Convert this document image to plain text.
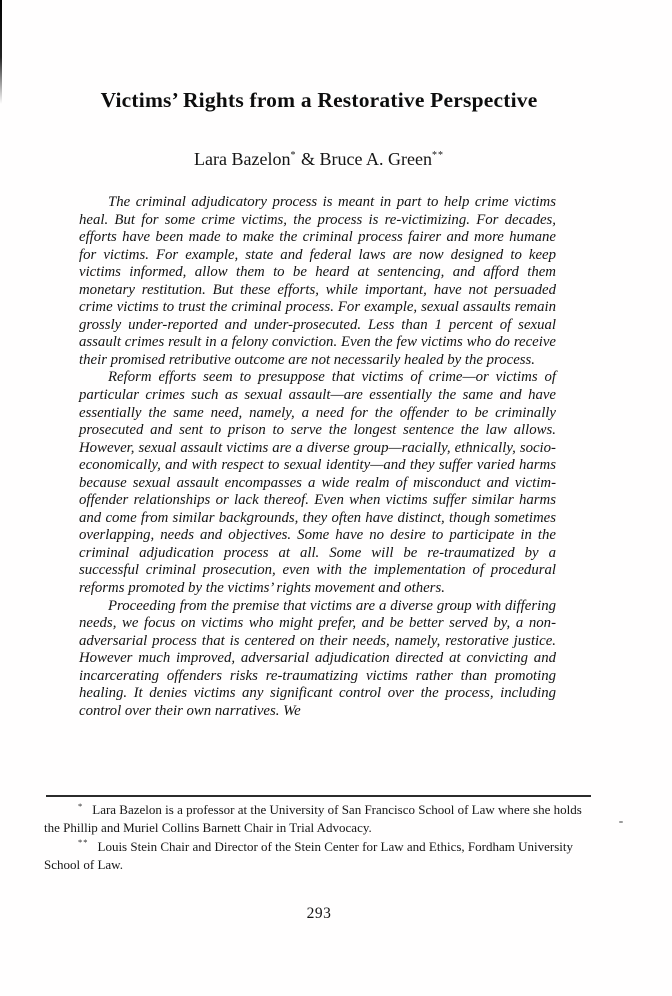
Victims’ Rights from a Restorative Perspective
Lara Bazelon* & Bruce A. Green**

The criminal adjudicatory process is meant in part to help crime victims heal. But for some crime victims, the process is re-victimizing. For decades, efforts have been made to make the criminal process fairer and more humane for victims. For example, state and federal laws are now designed to keep victims informed, allow them to be heard at sentencing, and afford them monetary restitution. But these efforts, while important, have not persuaded crime victims to trust the criminal process. For example, sexual assaults remain grossly under-reported and under-prosecuted. Less than 1 percent of sexual assault crimes result in a felony conviction. Even the few victims who do receive their promised retributive outcome are not necessarily healed by the process.

Reform efforts seem to presuppose that victims of crime—or victims of particular crimes such as sexual assault—are essentially the same and have essentially the same need, namely, a need for the offender to be criminally prosecuted and sent to prison to serve the longest sentence the law allows. However, sexual assault victims are a diverse group—racially, ethnically, socio-economically, and with respect to sexual identity—and they suffer varied harms because sexual assault encompasses a wide realm of misconduct and victim-offender relationships or lack thereof. Even when victims suffer similar harms and come from similar backgrounds, they often have distinct, though sometimes overlapping, needs and objectives. Some have no desire to participate in the criminal adjudication process at all. Some will be re-traumatized by a successful criminal prosecution, even with the implementation of procedural reforms promoted by the victims’ rights movement and others.

Proceeding from the premise that victims are a diverse group with differing needs, we focus on victims who might prefer, and be better served by, a non-adversarial process that is centered on their needs, namely, restorative justice. However much improved, adversarial adjudication directed at convicting and incarcerating offenders risks re-traumatizing victims rather than promoting healing. It denies victims any significant control over the process, including control over their own narratives. We

* Lara Bazelon is a professor at the University of San Francisco School of Law where she holds the Phillip and Muriel Collins Barnett Chair in Trial Advocacy.

** Louis Stein Chair and Director of the Stein Center for Law and Ethics, Fordham University School of Law.

293
